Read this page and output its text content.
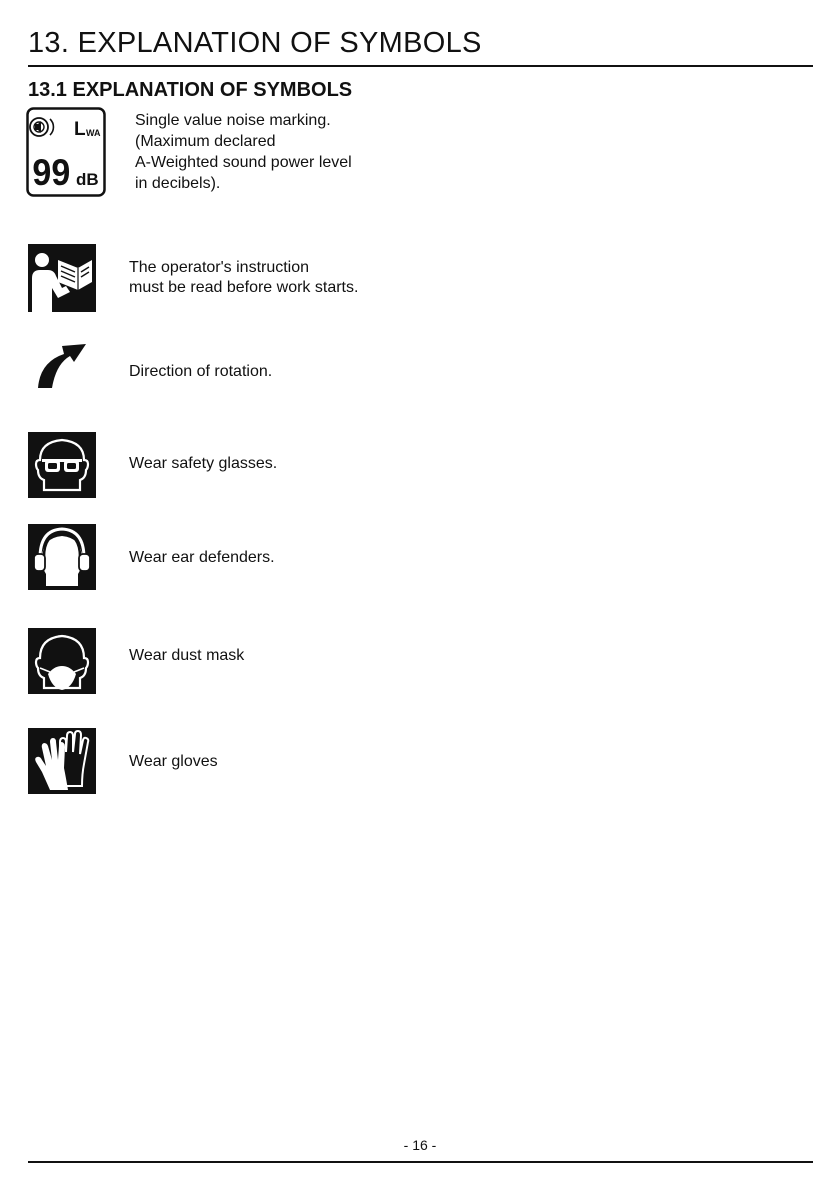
13. EXPLANATION OF SYMBOLS
13.1 EXPLANATION OF SYMBOLS
L WA
99 dB

Single value noise marking.
(Maximum declared
A-Weighted sound power level
in decibels).

The operator's instruction
must be read before work starts.

Direction of rotation.

Wear safety glasses.

Wear ear defenders.

Wear dust mask

Wear gloves

- 16 -
